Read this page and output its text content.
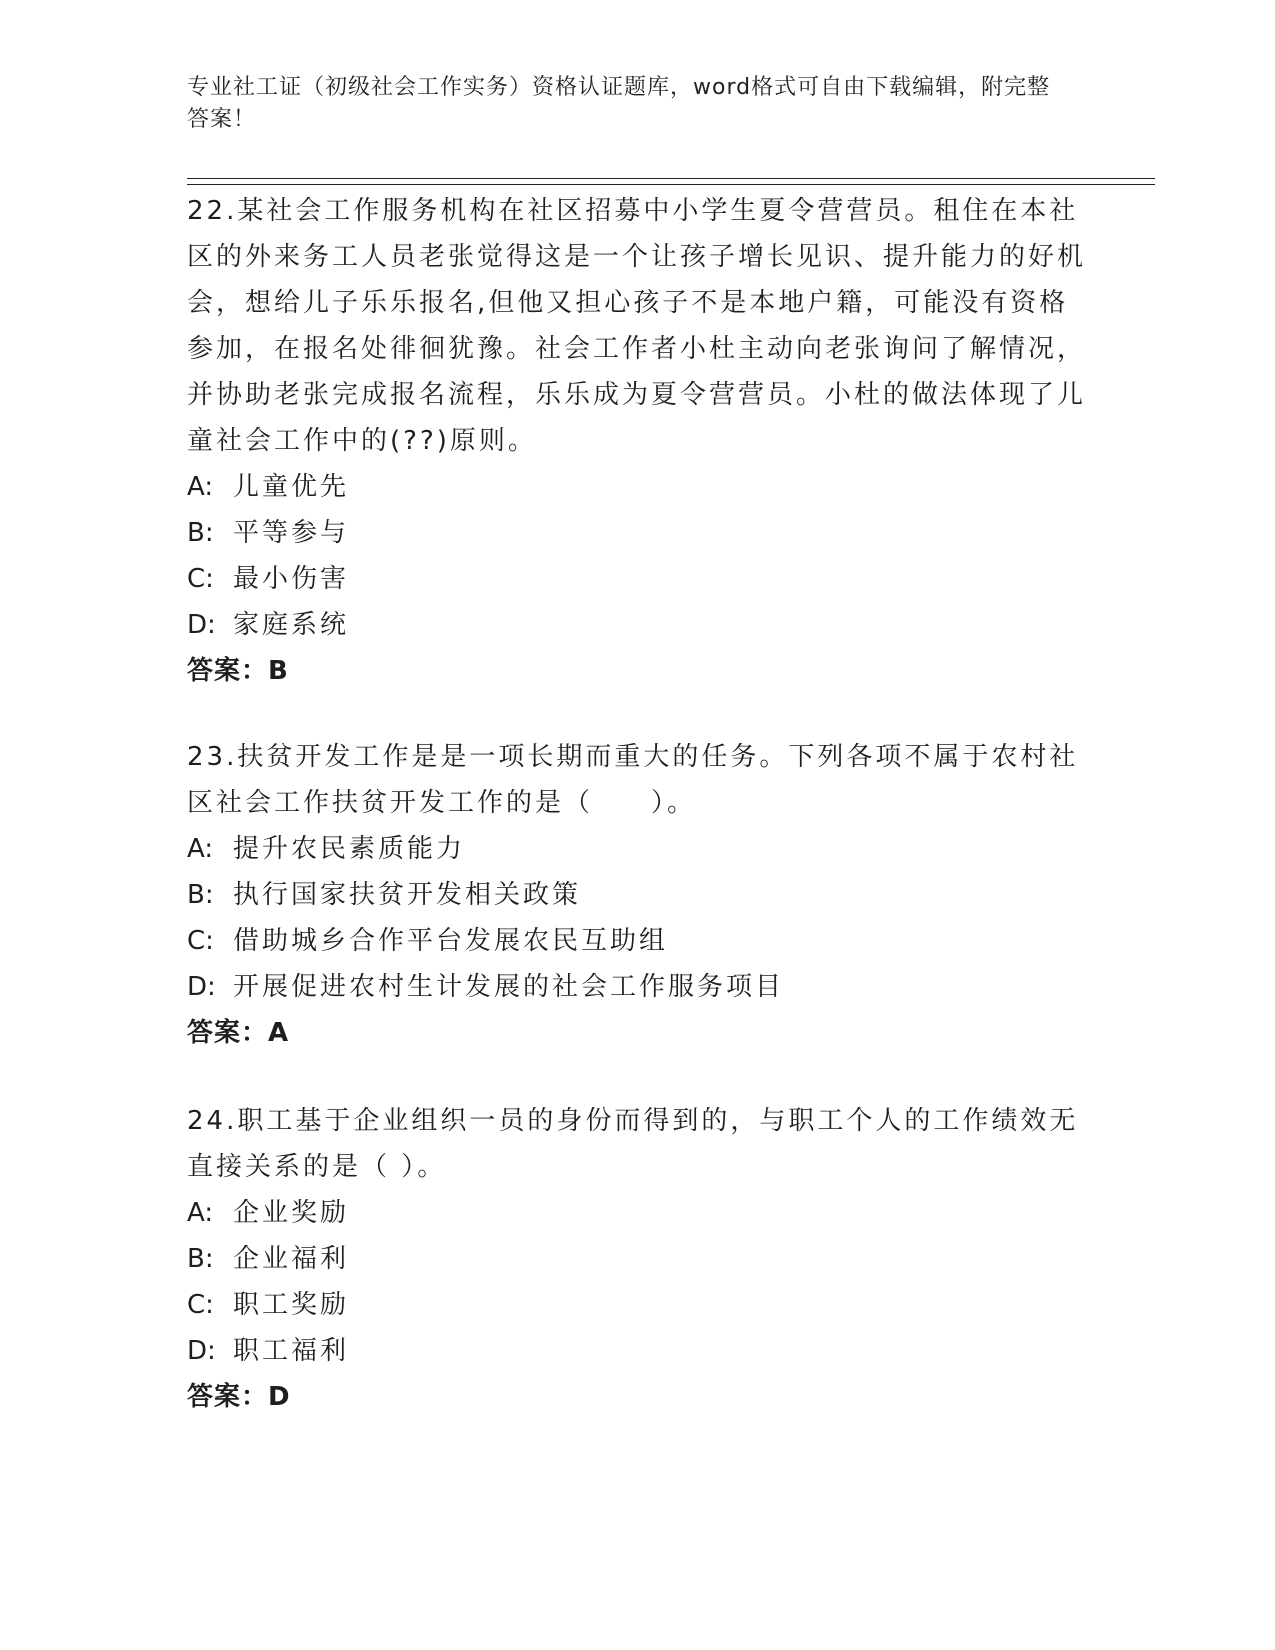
专业社工证（初级社会工作实务）资格认证题库，word格式可自由下载编辑，附完整答案！

22.某社会工作服务机构在社区招募中小学生夏令营营员。租住在本社区的外来务工人员老张觉得这是一个让孩子增长见识、提升能力的好机会，想给儿子乐乐报名,但他又担心孩子不是本地户籍，可能没有资格参加，在报名处徘徊犹豫。社会工作者小杜主动向老张询问了解情况，并协助老张完成报名流程，乐乐成为夏令营营员。小杜的做法体现了儿童社会工作中的(??)原则。

A: 儿童优先

B: 平等参与

C: 最小伤害

D: 家庭系统

答案：B

23.扶贫开发工作是是一项长期而重大的任务。下列各项不属于农村社区社会工作扶贫开发工作的是（　　）。

A: 提升农民素质能力

B: 执行国家扶贫开发相关政策

C: 借助城乡合作平台发展农民互助组

D: 开展促进农村生计发展的社会工作服务项目

答案：A

24.职工基于企业组织一员的身份而得到的，与职工个人的工作绩效无直接关系的是（ ）。

A: 企业奖励

B: 企业福利

C: 职工奖励

D: 职工福利

答案：D
